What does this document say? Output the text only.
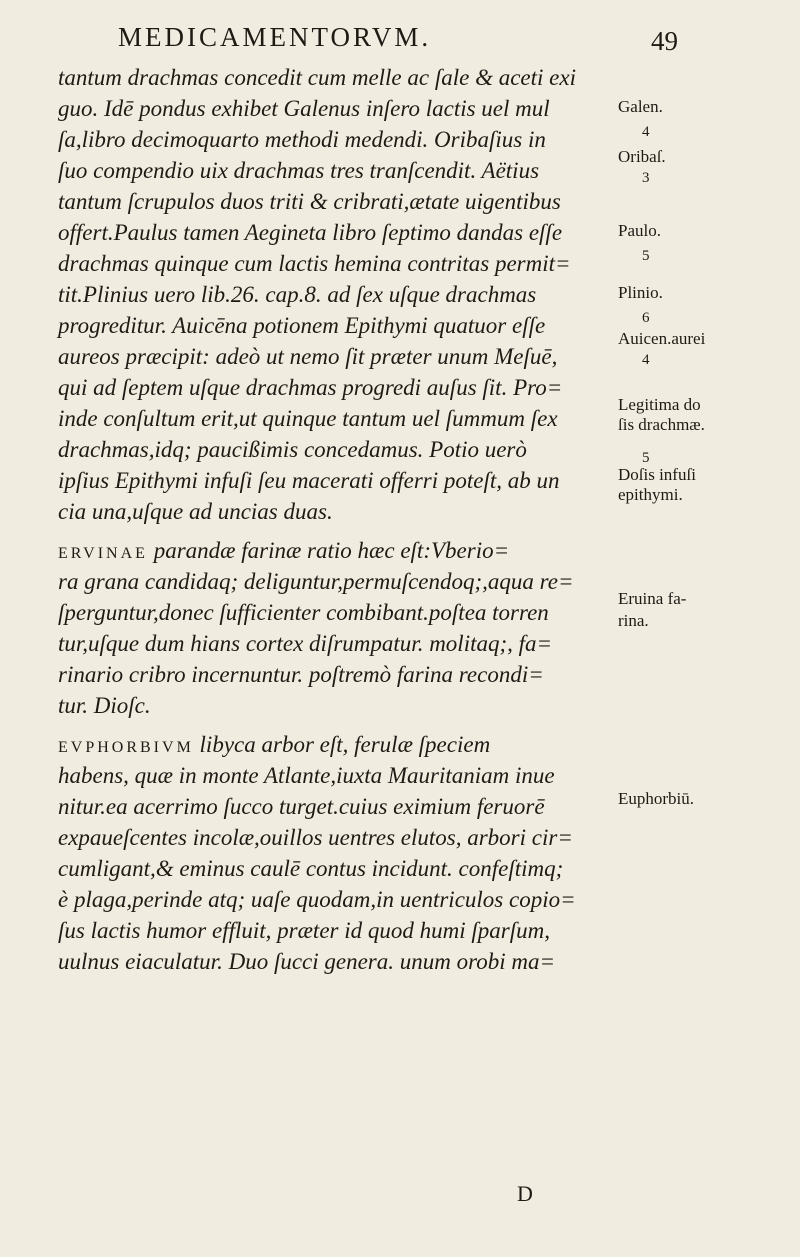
MEDICAMENTORVM.	49
tantum drachmas concedit cum melle ac ſale & aceti exi
guo. Idē pondus exhibet Galenus inſero lactis uel mul
ſa,libro decimoquarto methodi medendi. Oribaſius in
ſuo compendio uix drachmas tres tranſcendit. Aëtius
tantum ſcrupulos duos triti & cribrati,ætate uigentibus
offert.Paulus tamen Aegineta libro ſeptimo dandas eſſe
drachmas quinque cum lactis hemina contritas permit=
tit.Plinius uero lib.26. cap.8. ad ſex uſque drachmas
progreditur. Auicēna potionem Epithymi quatuor eſſe
aureos præcipit: adeò ut nemo ſit præter unum Meſuē,
qui ad ſeptem uſque drachmas progredi auſus ſit. Pro=
inde conſultum erit,ut quinque tantum uel ſummum ſex
drachmas,idq; paucißimis concedamus. Potio uerò
ipſius Epithymi infuſi ſeu macerati offerri poteſt, ab un
cia una,uſque ad uncias duas.
ERVINAE parandæ farinæ ratio hæc eſt:Vberio=
ra grana candidaq; deliguntur,permuſcendoq;,aqua re=
ſperguntur,donec ſufficienter combibant.poſtea torren
tur,uſque dum hians cortex diſrumpatur. molitaq;, fa=
rinario cribro incernuntur. poſtremò farina recondi=
tur. Dioſc.
EVPHORBIVM libyca arbor eſt, ferulæ ſpeciem
habens, quæ in monte Atlante,iuxta Mauritaniam inue
nitur.ea acerrimo ſucco turget.cuius eximium feruorē
expaueſcentes incolæ,ouillos uentres elutos, arbori cir=
cumligant,& eminus caulē contus incidunt. confeſtimq;
è plaga,perinde atq; uaſe quodam,in uentriculos copio=
ſus lactis humor effluit, præter id quod humi ſparſum,
uulnus eiaculatur. Duo ſucci genera. unum orobi ma=
Galen.
4
Oribaſ.
3
Paulo.
5
Plinio.
6
Auicen.aurei
4
Legitima do
ſis drachmæ.
5
Doſis infuſi
epithymi.
Eruina fa-
rina.
Euphorbiū.
D
